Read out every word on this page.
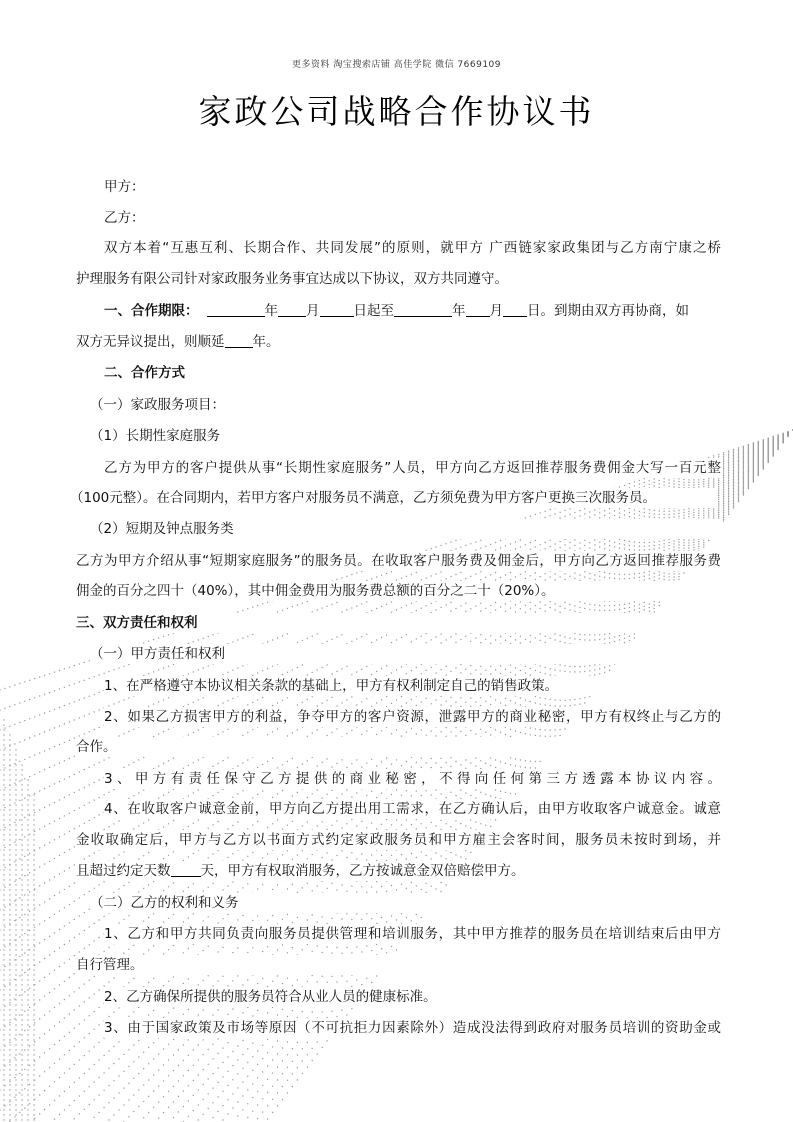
更多资料 淘宝搜索店铺 高佳学院 微信 7669109
家政公司战略合作协议书
甲方：
乙方：
双方本着“互惠互利、长期合作、共同发展”的原则，就甲方 广西链家家政集团与乙方南宁康之桥
护理服务有限公司针对家政服务业务事宜达成以下协议，双方共同遵守。
一、合作期限：	年 月	日起至	年 月 日。到期由双方再协商，如
双方无异议提出，则顺延 年。
二、合作方式
（一）家政服务项目：
（1）长期性家庭服务
乙方为甲方的客户提供从事“长期性家庭服务”人员，甲方向乙方返回推荐服务费佣金大写一百元整
（100元整）。在合同期内，若甲方客户对服务员不满意，乙方须免费为甲方客户更换三次服务员。
（2）短期及钟点服务类
乙方为甲方介绍从事“短期家庭服务”的服务员。在收取客户服务费及佣金后，甲方向乙方返回推荐服务费
佣金的百分之四十（40%），其中佣金费用为服务费总额的百分之二十（20%）。
三、双方责任和权利
（一）甲方责任和权利
1、在严格遵守本协议相关条款的基础上，甲方有权利制定自己的销售政策。
2、如果乙方损害甲方的利益，争夺甲方的客户资源，泄露甲方的商业秘密，甲方有权终止与乙方的
合作。
3、甲方有责任保守乙方提供的商业秘密，不得向任何第三方透露本协议内容。
4、在收取客户诚意金前，甲方向乙方提出用工需求，在乙方确认后，由甲方收取客户诚意金。诚意
金收取确定后，甲方与乙方以书面方式约定家政服务员和甲方雇主会客时间，服务员未按时到场，并
且超过约定天数 天，甲方有权取消服务，乙方按诚意金双倍赔偿甲方。
（二）乙方的权利和义务
1、乙方和甲方共同负责向服务员提供管理和培训服务，其中甲方推荐的服务员在培训结束后由甲方
自行管理。
2、乙方确保所提供的服务员符合从业人员的健康标准。
3、由于国家政策及市场等原因（不可抗拒力因素除外）造成没法得到政府对服务员培训的资助金或
